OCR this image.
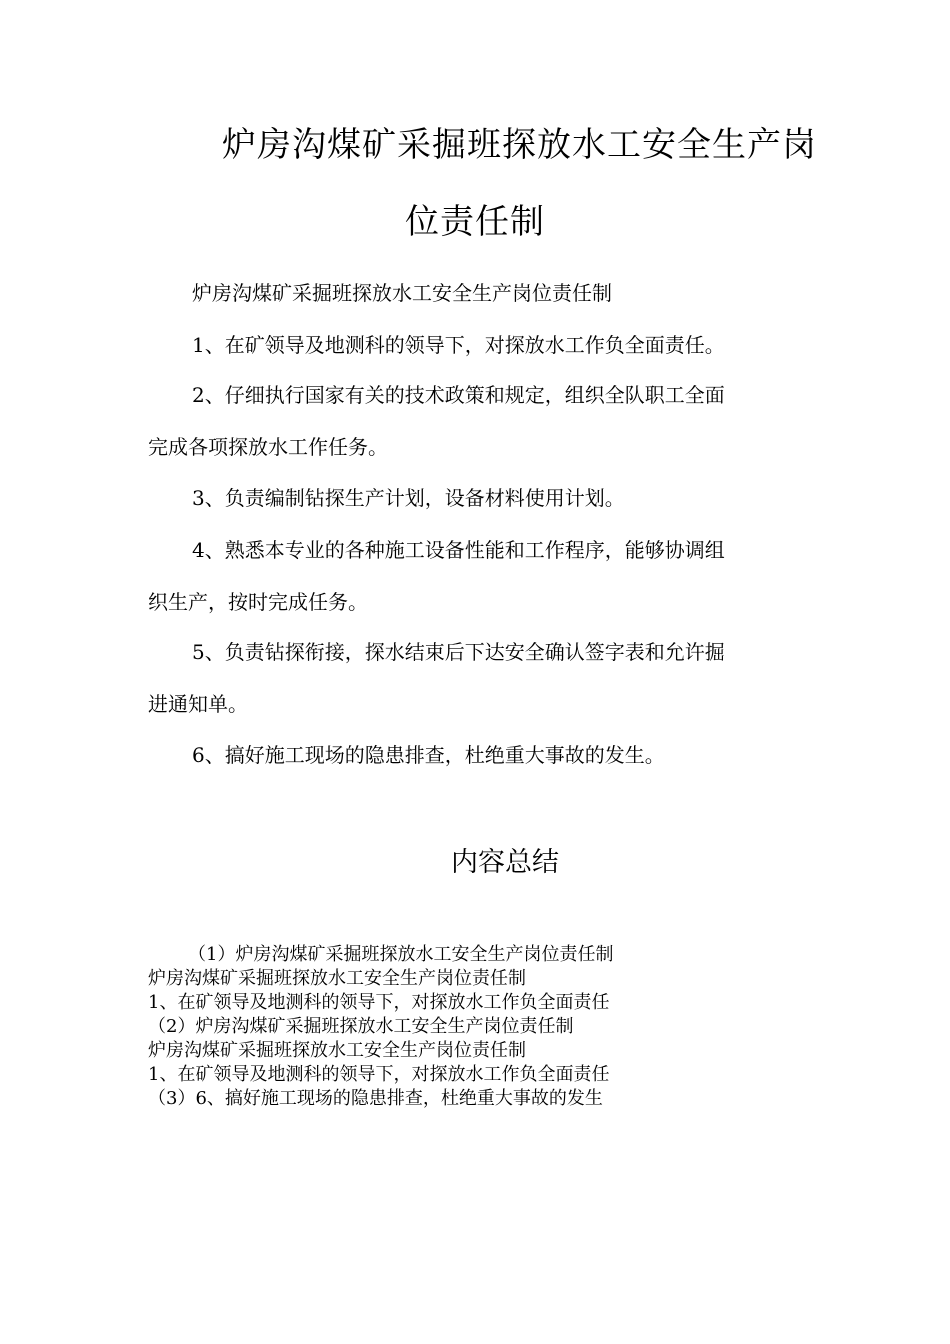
炉房沟煤矿采掘班探放水工安全生产岗
位责任制
炉房沟煤矿采掘班探放水工安全生产岗位责任制
1、在矿领导及地测科的领导下，对探放水工作负全面责任。
2、仔细执行国家有关的技术政策和规定，组织全队职工全面
完成各项探放水工作任务。
3、负责编制钻探生产计划，设备材料使用计划。
4、熟悉本专业的各种施工设备性能和工作程序，能够协调组
织生产，按时完成任务。
5、负责钻探衔接，探水结束后下达安全确认签字表和允许掘
进通知单。
6、搞好施工现场的隐患排查，杜绝重大事故的发生。
内容总结
（1）炉房沟煤矿采掘班探放水工安全生产岗位责任制
炉房沟煤矿采掘班探放水工安全生产岗位责任制
1、在矿领导及地测科的领导下，对探放水工作负全面责任
（2）炉房沟煤矿采掘班探放水工安全生产岗位责任制
炉房沟煤矿采掘班探放水工安全生产岗位责任制
1、在矿领导及地测科的领导下，对探放水工作负全面责任
（3）6、搞好施工现场的隐患排查，杜绝重大事故的发生
